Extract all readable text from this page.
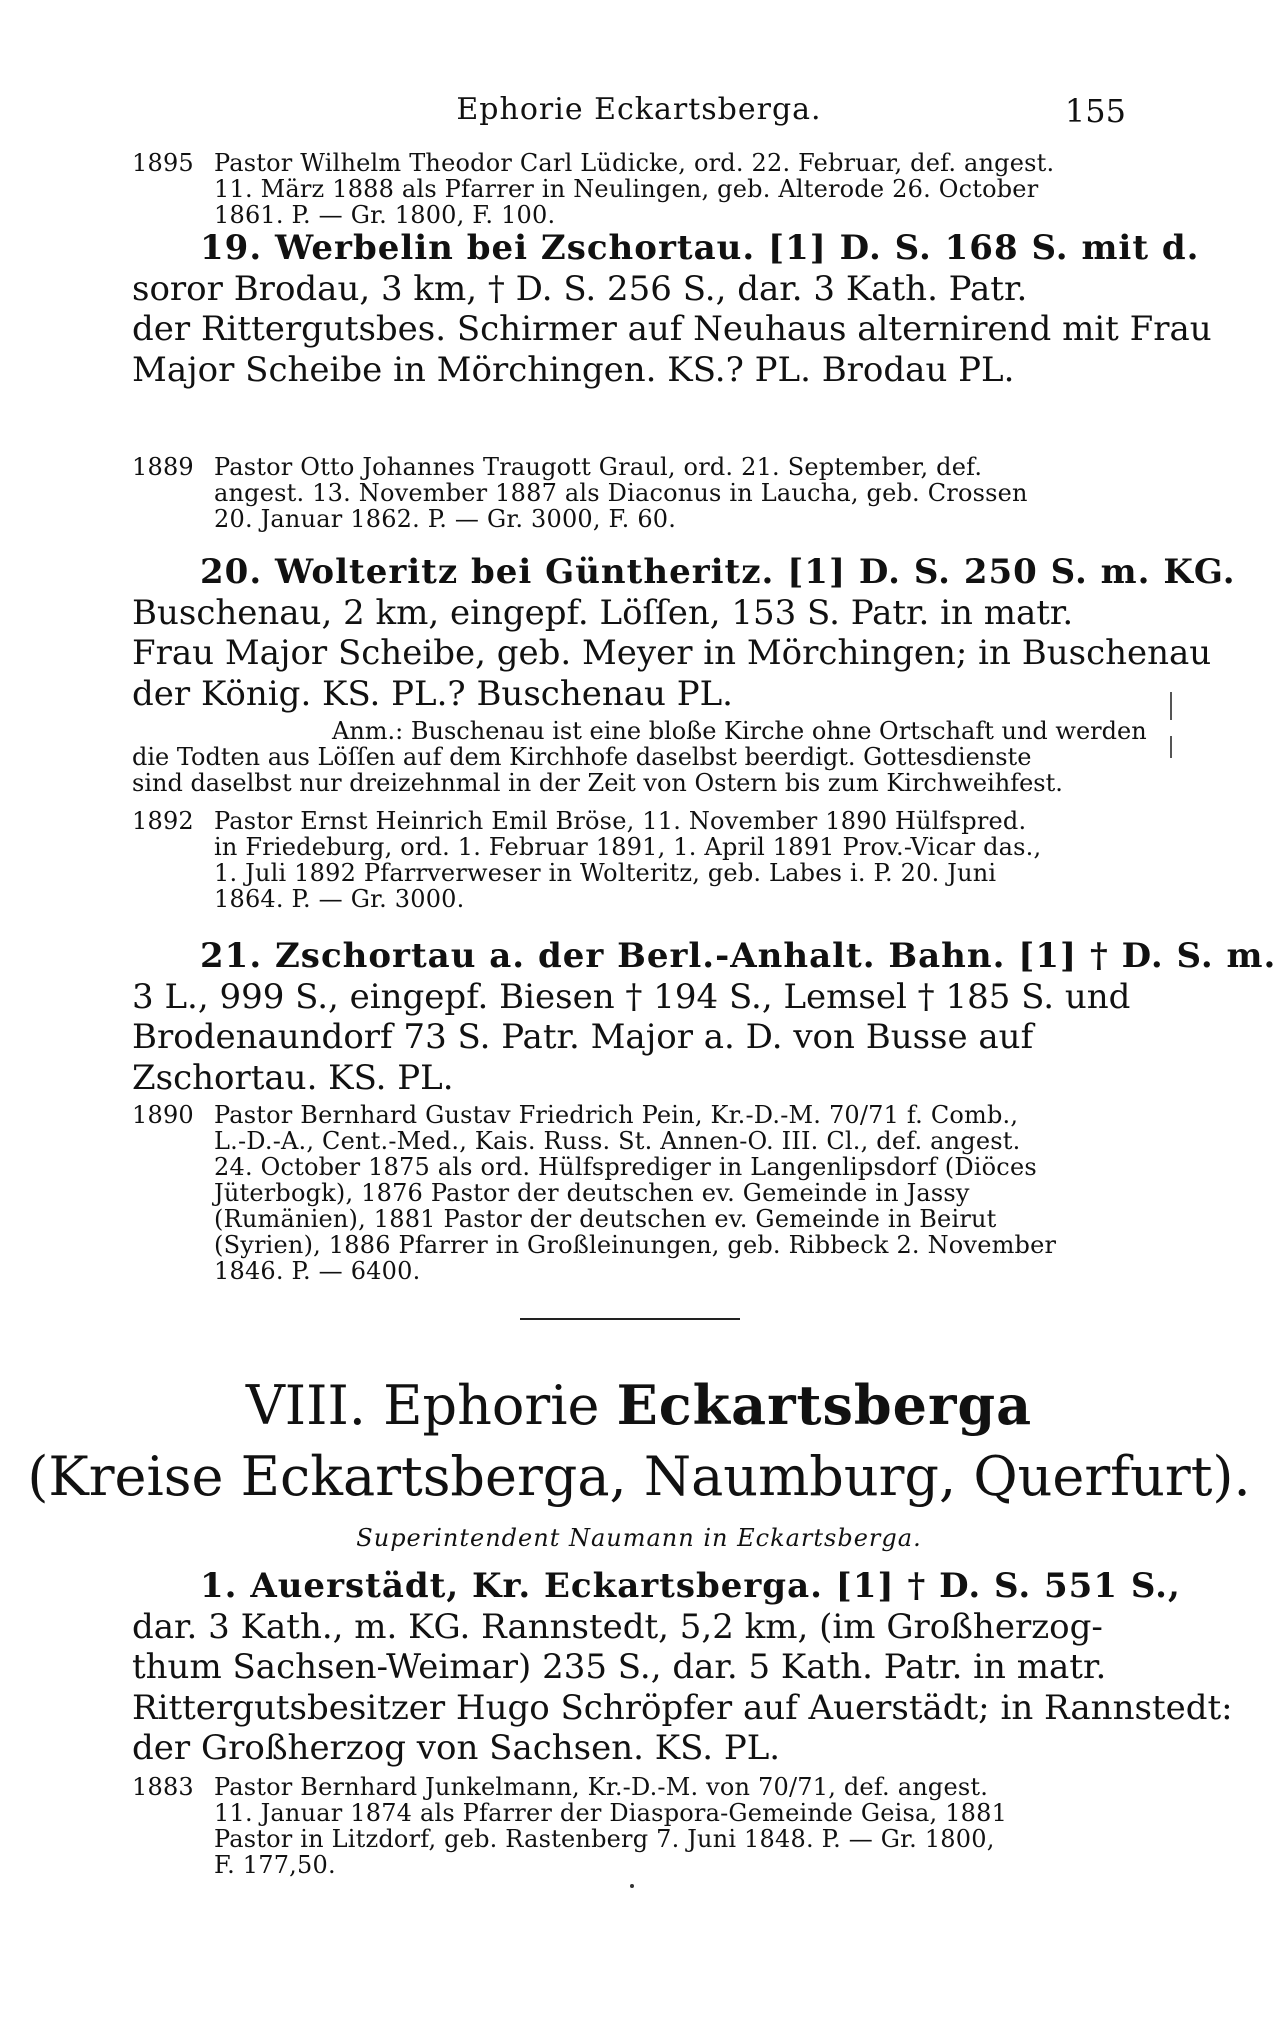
Ephorie Eckartsberga.	155
1895 Pastor Wilhelm Theodor Carl Lüdicke, ord. 22. Februar, def. angest.
11. März 1888 als Pfarrer in Neulingen, geb. Alterode 26. October
1861. P. — Gr. 1800, F. 100.
19. Werbelin bei Zschortau. [1] D. S. 168 S. mit d.
soror Brodau, 3 km, † D. S. 256 S., dar. 3 Kath. Patr.
der Rittergutsbes. Schirmer auf Neuhaus alternirend mit Frau
Major Scheibe in Mörchingen. KS.? PL. Brodau PL.
1889 Pastor Otto Johannes Traugott Graul, ord. 21. September, def.
angest. 13. November 1887 als Diaconus in Laucha, geb. Crossen
20. Januar 1862. P. — Gr. 3000, F. 60.
20. Wolteritz bei Güntheritz. [1] D. S. 250 S. m. KG.
Buschenau, 2 km, eingepf. Löſſen, 153 S. Patr. in matr.
Frau Major Scheibe, geb. Meyer in Mörchingen; in Buschenau
der König. KS. PL.? Buschenau PL.
Anm.: Buschenau ist eine bloße Kirche ohne Ortschaft und werden
die Todten aus Löſſen auf dem Kirchhofe daselbst beerdigt. Gottesdienste
sind daselbst nur dreizehnmal in der Zeit von Ostern bis zum Kirchweihfest.
1892 Pastor Ernst Heinrich Emil Bröse, 11. November 1890 Hülfspred.
in Friedeburg, ord. 1. Februar 1891, 1. April 1891 Prov.-Vicar das.,
1. Juli 1892 Pfarrverweser in Wolteritz, geb. Labes i. P. 20. Juni
1864. P. — Gr. 3000.
21. Zschortau a. der Berl.-Anhalt. Bahn. [1] † D. S. m.
3 L., 999 S., eingepf. Biesen † 194 S., Lemsel † 185 S. und
Brodenaundorf 73 S. Patr. Major a. D. von Busse auf
Zschortau. KS. PL.
1890 Pastor Bernhard Gustav Friedrich Pein, Kr.-D.-M. 70/71 f. Comb.,
L.-D.-A., Cent.-Med., Kais. Russ. St. Annen-O. III. Cl., def. angest.
24. October 1875 als ord. Hülfsprediger in Langenlipsdorf (Diöces
Jüterbogk), 1876 Pastor der deutschen ev. Gemeinde in Jassy
(Rumänien), 1881 Pastor der deutschen ev. Gemeinde in Beirut
(Syrien), 1886 Pfarrer in Großleinungen, geb. Ribbeck 2. November
1846. P. — 6400.
VIII. Ephorie Eckartsberga
(Kreise Eckartsberga, Naumburg, Querfurt).
Superintendent Naumann in Eckartsberga.
1. Auerstädt, Kr. Eckartsberga. [1] † D. S. 551 S.,
dar. 3 Kath., m. KG. Rannstedt, 5,2 km, (im Großherzog-
thum Sachsen-Weimar) 235 S., dar. 5 Kath. Patr. in matr.
Rittergutsbesitzer Hugo Schröpfer auf Auerstädt; in Rannstedt:
der Großherzog von Sachsen. KS. PL.
1883 Pastor Bernhard Junkelmann, Kr.-D.-M. von 70/71, def. angest.
11. Januar 1874 als Pfarrer der Diaspora-Gemeinde Geisa, 1881
Pastor in Litzdorf, geb. Rastenberg 7. Juni 1848. P. — Gr. 1800,
F. 177,50.
